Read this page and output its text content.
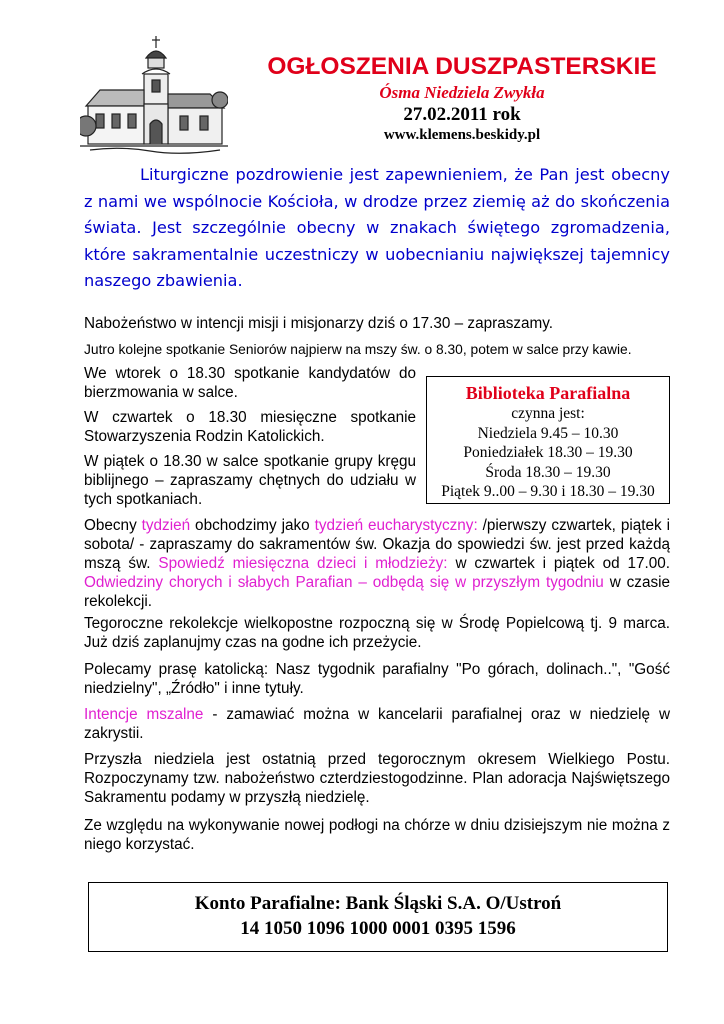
OGŁOSZENIA DUSZPASTERSKIE
Ósma Niedziela Zwykła
27.02.2011 rok
www.klemens.beskidy.pl
Liturgiczne pozdrowienie jest zapewnieniem, że Pan jest obecny z nami we wspólnocie Kościoła, w drodze przez ziemię aż do skończenia świata. Jest szczególnie obecny w znakach świętego zgromadzenia, które sakramentalnie uczestniczy w uobecnianiu największej tajemnicy naszego zbawienia.
Nabożeństwo w intencji misji i misjonarzy dziś o 17.30 – zapraszamy.
Jutro kolejne spotkanie Seniorów najpierw na mszy św. o 8.30, potem w salce przy kawie.
We wtorek o 18.30 spotkanie kandydatów do bierzmowania w salce.
W czwartek o 18.30 miesięczne spotkanie Stowarzyszenia Rodzin Katolickich.
W piątek o 18.30 w salce spotkanie grupy kręgu biblijnego – zapraszamy chętnych do udziału w tych spotkaniach.
Biblioteka Parafialna
czynna jest:
Niedziela 9.45 – 10.30
Poniedziałek 18.30 – 19.30
Środa 18.30 – 19.30
Piątek 9..00 – 9.30 i 18.30 – 19.30
Obecny tydzień obchodzimy jako tydzień eucharystyczny: /pierwszy czwartek, piątek i sobota/ - zapraszamy do sakramentów św. Okazja do spowiedzi św. jest przed każdą mszą św. Spowiedź miesięczna dzieci i młodzieży: w czwartek i piątek od 17.00. Odwiedziny chorych i słabych Parafian – odbędą się w przyszłym tygodniu w czasie rekolekcji.
Tegoroczne rekolekcje wielkopostne rozpoczną się w Środę Popielcową tj. 9 marca. Już dziś zaplanujmy czas na godne ich przeżycie.
Polecamy prasę katolicką: Nasz tygodnik parafialny "Po górach, dolinach..", "Gość niedzielny", „Źródło" i inne tytuły.
Intencje mszalne - zamawiać można w kancelarii parafialnej oraz w niedzielę w zakrystii.
Przyszła niedziela jest ostatnią przed tegorocznym okresem Wielkiego Postu. Rozpoczynamy tzw. nabożeństwo czterdziestogodzinne. Plan adoracja Najświętszego Sakramentu podamy w przyszłą niedzielę.
Ze względu na wykonywanie nowej podłogi na chórze w dniu dzisiejszym nie można z niego korzystać.
Konto Parafialne: Bank Śląski S.A. O/Ustroń
14 1050 1096 1000 0001 0395 1596
